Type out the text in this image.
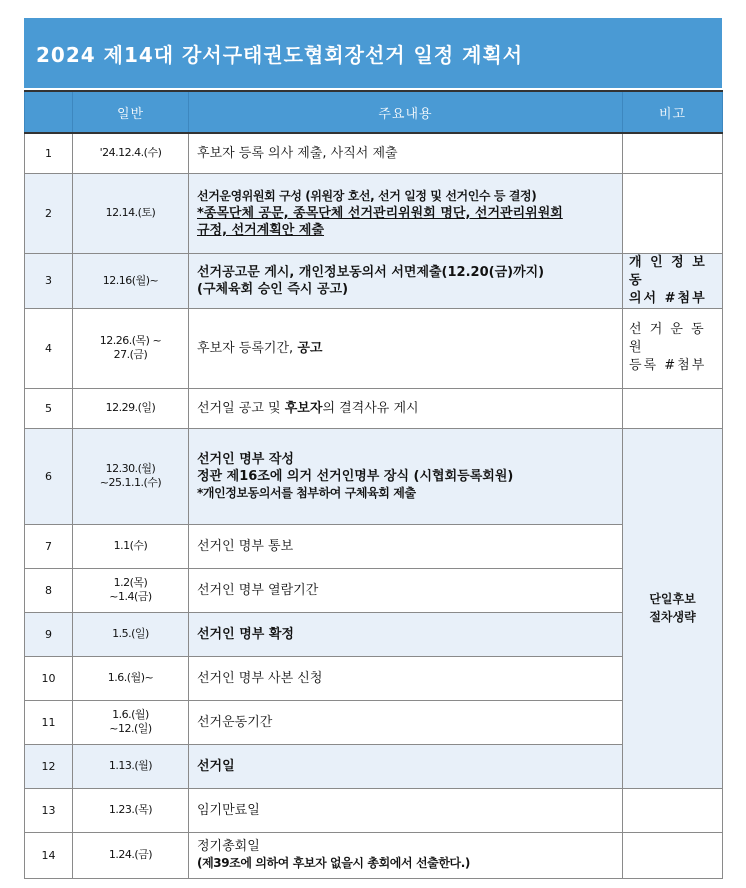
2024 제14대 강서구태권도협회장선거 일정 계획서
	일반	주요내용	비고
1	'24.12.4.(수)	후보자 등록 의사 제출, 사직서 제출	

2	12.14.(토)	선거운영위원회 구성 (위원장 호선, 선거 일정 및 선거인수 등 결정)
*종목단체 공문, 종목단체 선거관리위원회 명단, 선거관리위원회
규정, 선거계획안 제출	

3	12.16(월)~	선거공고문 게시, 개인정보동의서 서면제출(12.20(금)까지)
(구체육회 승인 즉시 공고)	개 인 정 보 동
의서 #첨부

4	12.26.(목) ~
27.(금)	후보자 등록기간, 공고	선 거 운 동 원
등록 #첨부

5	12.29.(일)	선거일 공고 및 후보자의 결격사유 게시	
6	12.30.(월)
~25.1.1.(수)	선거인 명부 작성
정관 제16조에 의거 선거인명부 장식 (시협회등록회원)
*개인정보동의서를 첨부하여 구체육회 제출	단일후보
절차생략

7	1.1(수)	선거인 명부 통보	

8	1.2(목)
~1.4(금)	선거인 명부 열람기간	

9	1.5.(일)	선거인 명부 확정	

10	1.6.(월)~	선거인 명부 사본 신청	

11	1.6.(월)
~12.(일)	선거운동기간	

12	1.13.(월)	선거일	

13	1.23.(목)	임기만료일	

14	1.24.(금)	정기총회일
(제39조에 의하여 후보자 없을시 총회에서 선출한다.)	
